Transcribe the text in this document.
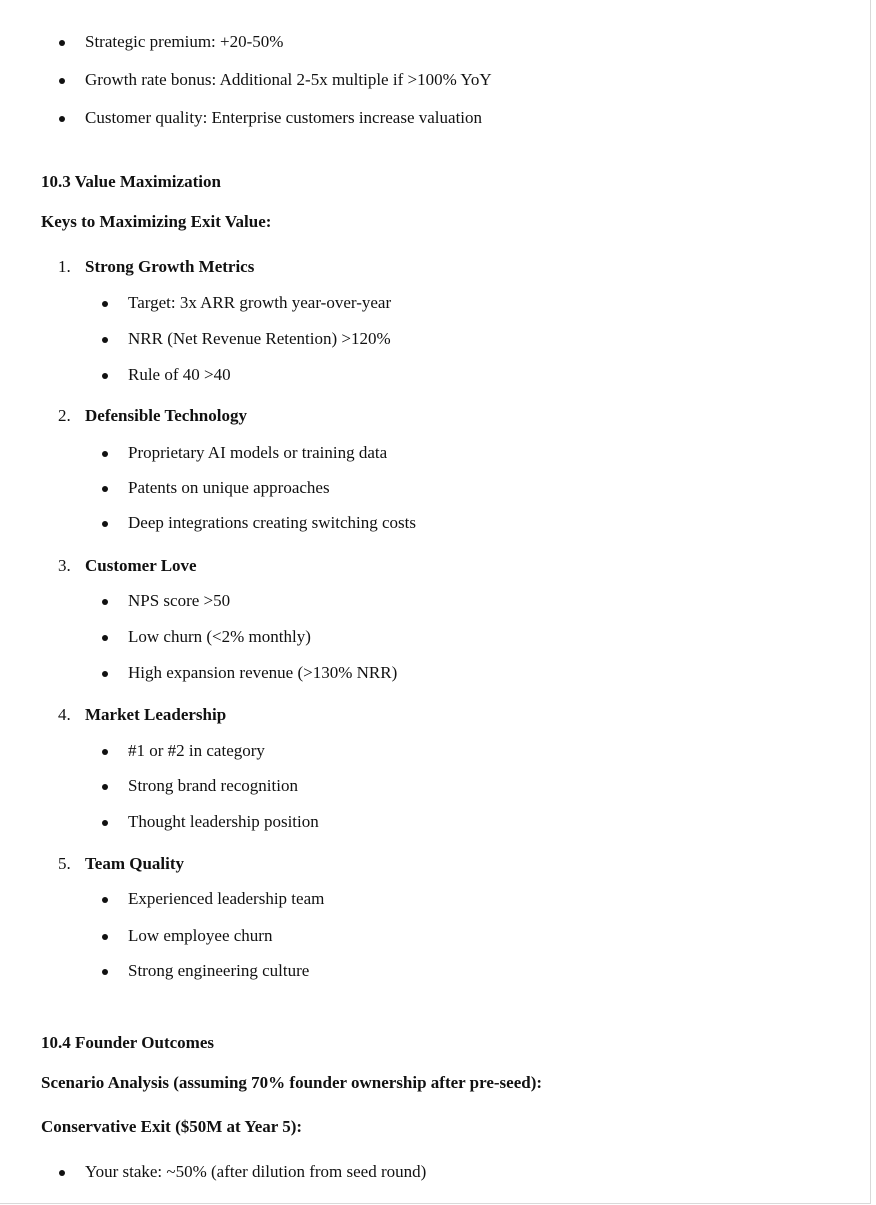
Strategic premium: +20-50%
Growth rate bonus: Additional 2-5x multiple if >100% YoY
Customer quality: Enterprise customers increase valuation
10.3 Value Maximization
Keys to Maximizing Exit Value:
1. Strong Growth Metrics
Target: 3x ARR growth year-over-year
NRR (Net Revenue Retention) >120%
Rule of 40 >40
2. Defensible Technology
Proprietary AI models or training data
Patents on unique approaches
Deep integrations creating switching costs
3. Customer Love
NPS score >50
Low churn (<2% monthly)
High expansion revenue (>130% NRR)
4. Market Leadership
#1 or #2 in category
Strong brand recognition
Thought leadership position
5. Team Quality
Experienced leadership team
Low employee churn
Strong engineering culture
10.4 Founder Outcomes
Scenario Analysis (assuming 70% founder ownership after pre-seed):
Conservative Exit ($50M at Year 5):
Your stake: ~50% (after dilution from seed round)
